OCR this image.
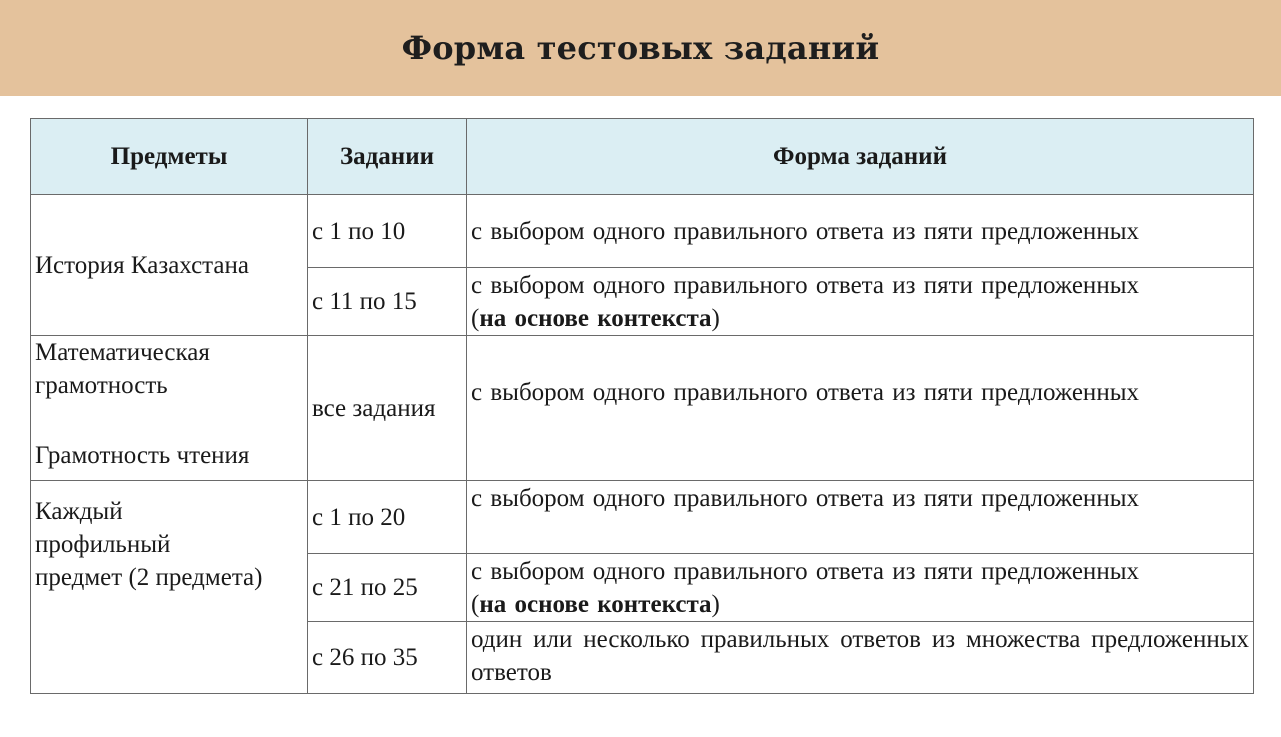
Форма тестовых заданий
Предметы	Задании	Форма заданий
История Казахстана	с 1 по 10	с выбором одного правильного ответа из пяти предложенных
	с 11 по 15	с выбором одного правильного ответа из пяти предложенных
(на основе контекста)

Математическая
грамотность
Грамотность чтения	все задания	с выбором одного правильного ответа из пяти предложенных

Каждый
профильный
предмет (2 предмета)	с 1 по 20	с выбором одного правильного ответа из пяти предложенных
	с 21 по 25	с выбором одного правильного ответа из пяти предложенных
(на основе контекста)
	с 26 по 35	один или несколько правильных ответов из множества предложенных ответов
